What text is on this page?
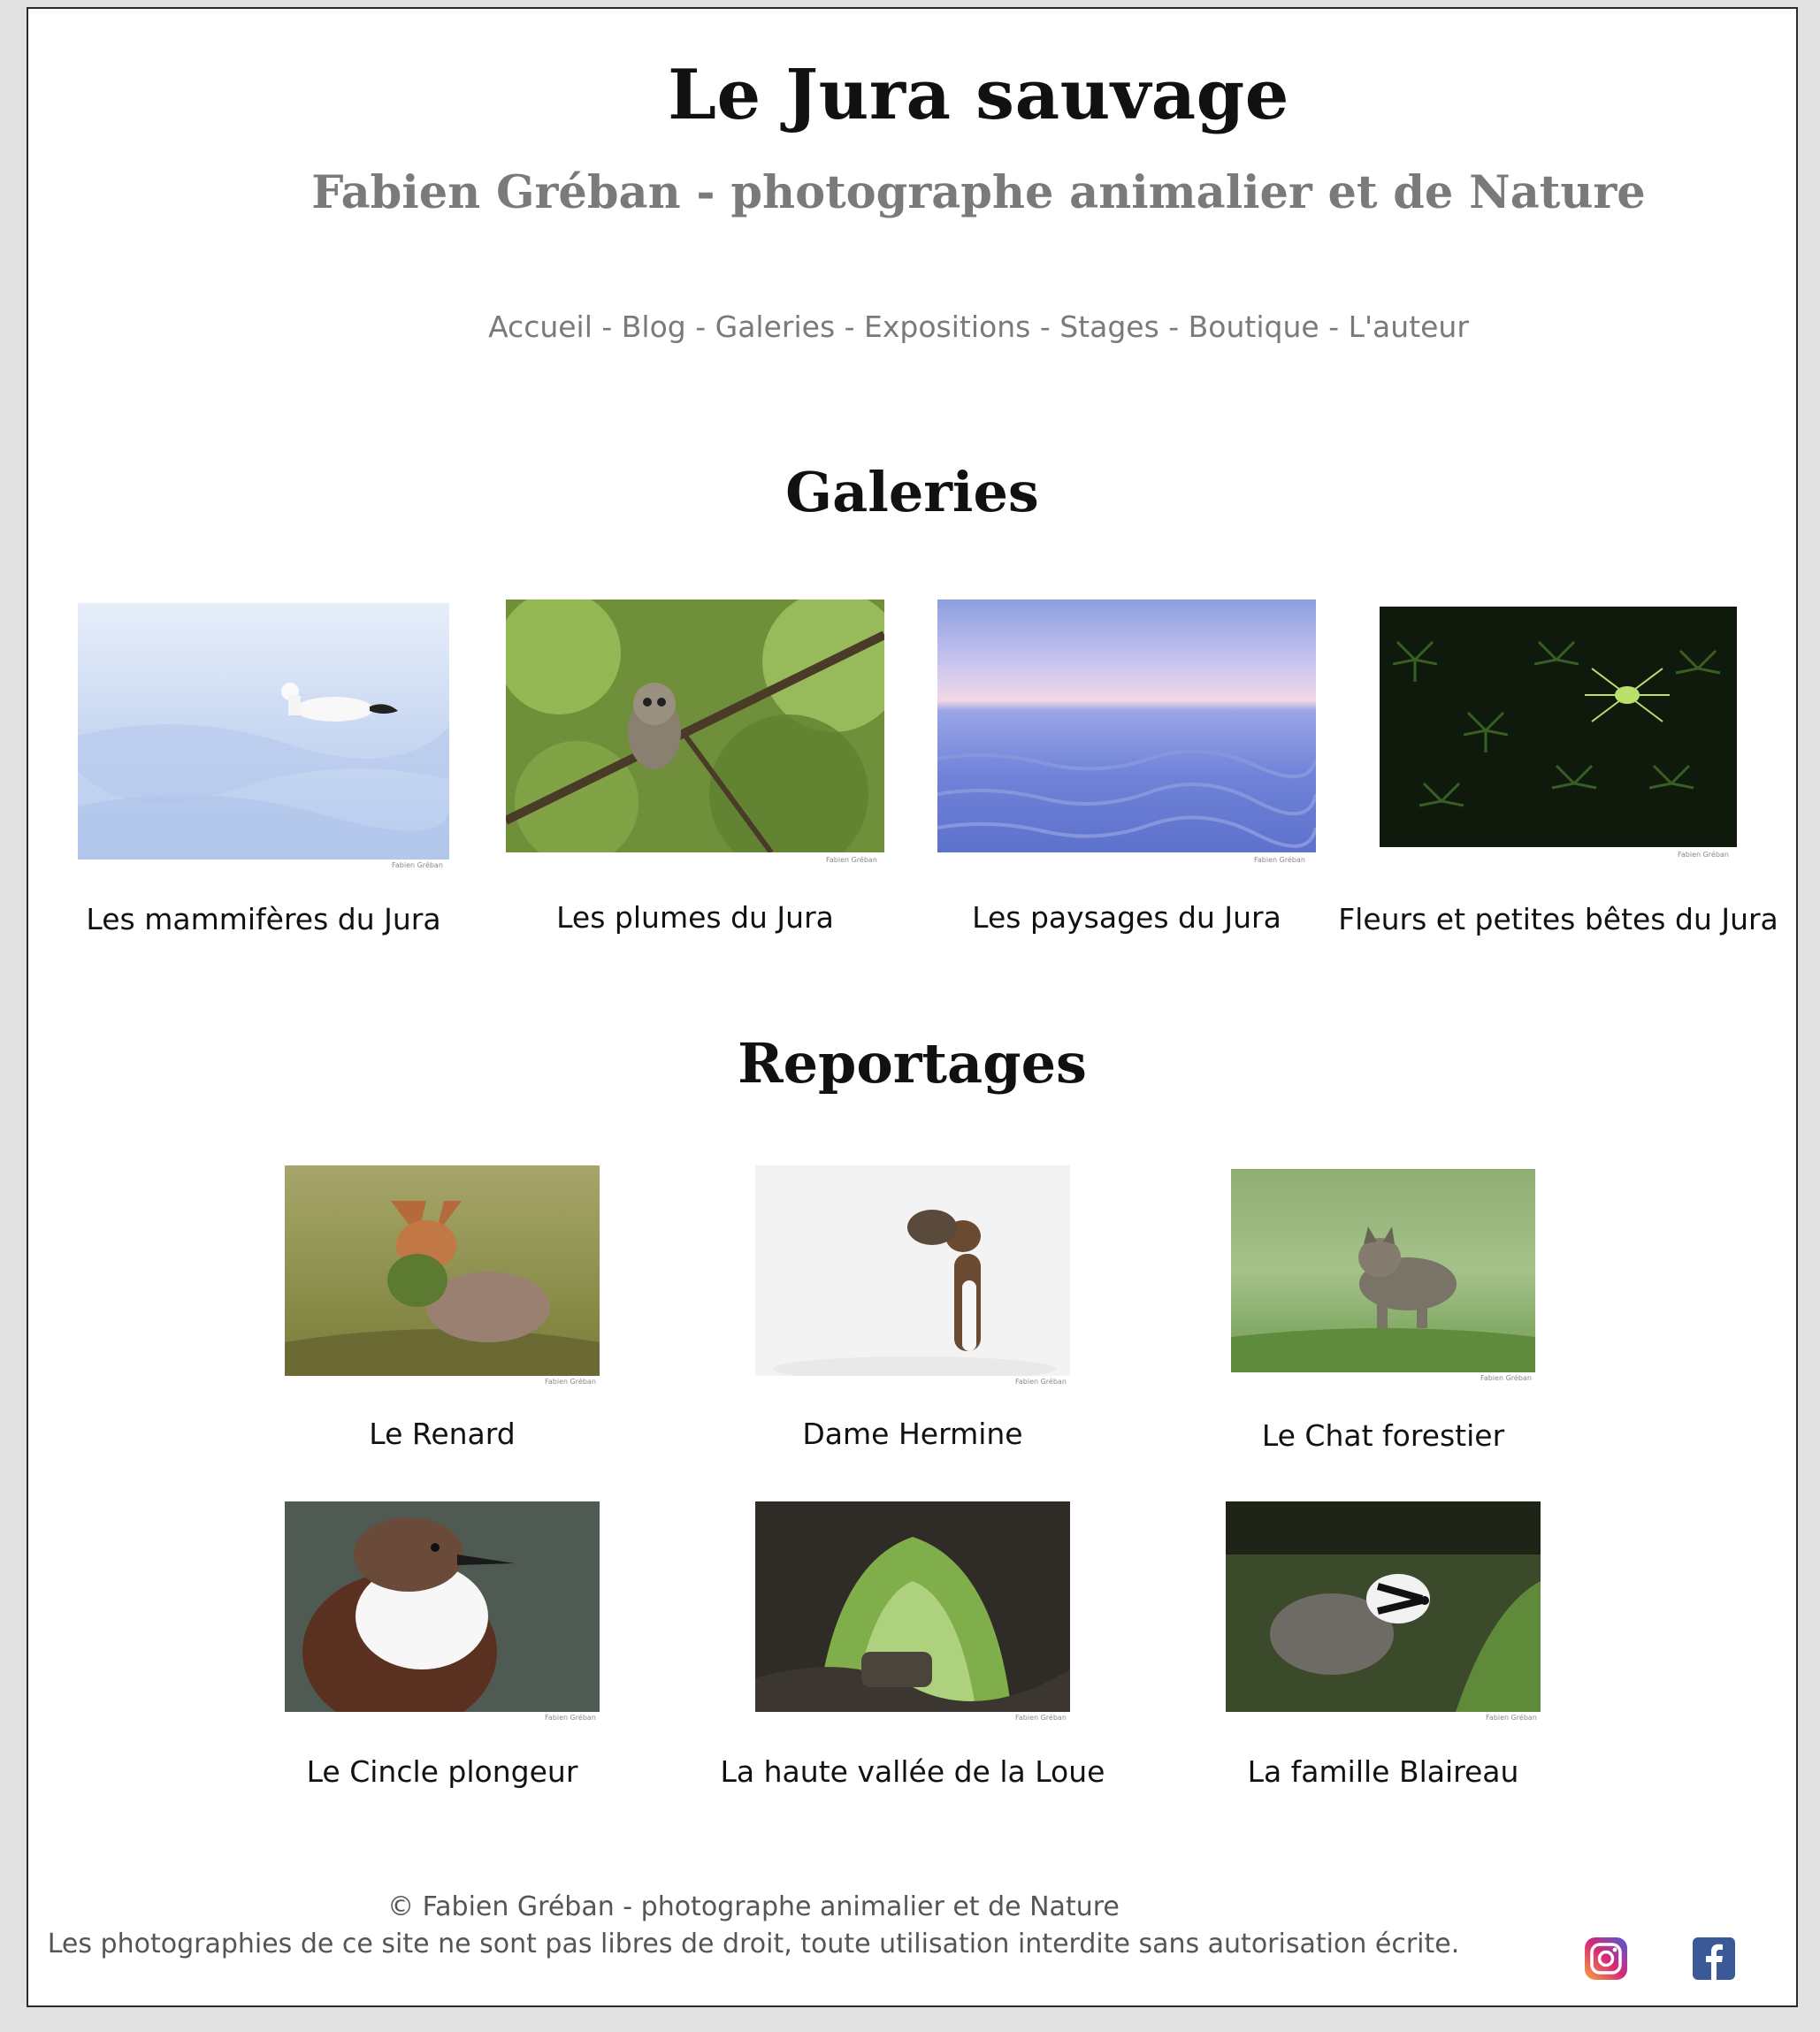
Le Jura sauvage
Fabien Gréban - photographe animalier et de Nature
Accueil - Blog - Galeries - Expositions - Stages - Boutique - L'auteur
Galeries
Fabien Gréban
Les mammifères du Jura
Fabien Gréban
Les plumes du Jura
Fabien Gréban
Les paysages du Jura
Fabien Gréban
Fleurs et petites bêtes du Jura
Reportages
Fabien Gréban
Le Renard
Fabien Gréban
Dame Hermine
Fabien Gréban
Le Chat forestier
Fabien Gréban
Le Cincle plongeur
Fabien Gréban
La haute vallée de la Loue
Fabien Gréban
La famille Blaireau
© Fabien Gréban - photographe animalier et de Nature
Les photographies de ce site ne sont pas libres de droit, toute utilisation interdite sans autorisation écrite.
